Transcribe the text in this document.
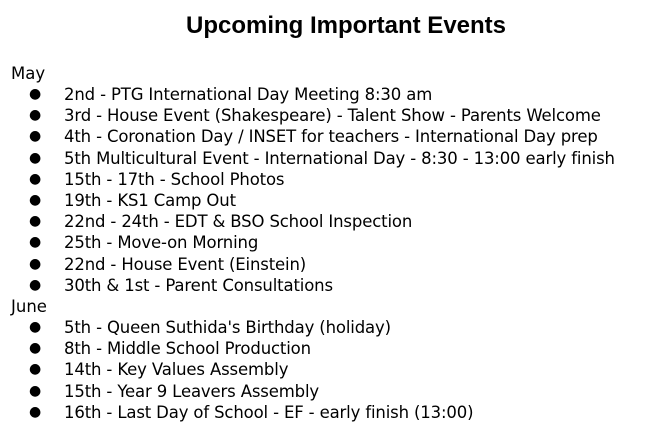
Upcoming Important Events
May
● 2nd - PTG International Day Meeting 8:30 am
● 3rd - House Event (Shakespeare) - Talent Show - Parents Welcome
● 4th - Coronation Day / INSET for teachers - International Day prep
● 5th Multicultural Event - International Day - 8:30 - 13:00 early finish
● 15th - 17th - School Photos
● 19th - KS1 Camp Out
● 22nd - 24th - EDT & BSO School Inspection
● 25th - Move-on Morning
● 22nd - House Event (Einstein)
● 30th & 1st - Parent Consultations
June
● 5th - Queen Suthida's Birthday (holiday)
● 8th - Middle School Production
● 14th - Key Values Assembly
● 15th - Year 9 Leavers Assembly
● 16th - Last Day of School - EF - early finish (13:00)
